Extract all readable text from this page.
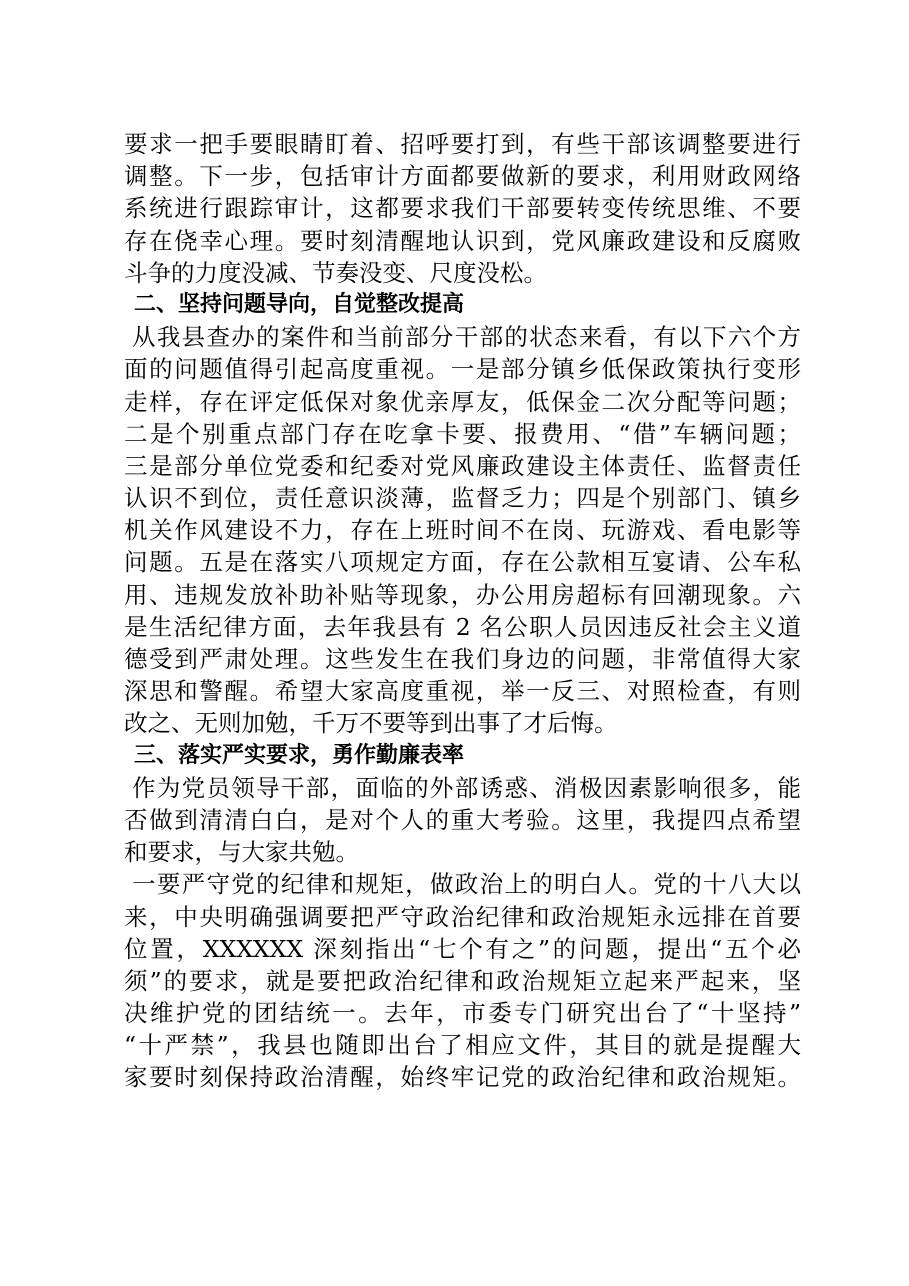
要求一把手要眼睛盯着、招呼要打到，有些干部该调整要进行
调整。下一步，包括审计方面都要做新的要求，利用财政网络
系统进行跟踪审计，这都要求我们干部要转变传统思维、不要
存在侥幸心理。要时刻清醒地认识到，党风廉政建设和反腐败
斗争的力度没减、节奏没变、尺度没松。
二、坚持问题导向，自觉整改提高
从我县查办的案件和当前部分干部的状态来看，有以下六个方
面的问题值得引起高度重视。一是部分镇乡低保政策执行变形
走样，存在评定低保对象优亲厚友，低保金二次分配等问题；
二是个别重点部门存在吃拿卡要、报费用、“借”车辆问题；
三是部分单位党委和纪委对党风廉政建设主体责任、监督责任
认识不到位，责任意识淡薄，监督乏力；四是个别部门、镇乡
机关作风建设不力，存在上班时间不在岗、玩游戏、看电影等
问题。五是在落实八项规定方面，存在公款相互宴请、公车私
用、违规发放补助补贴等现象，办公用房超标有回潮现象。六
是生活纪律方面，去年我县有 2 名公职人员因违反社会主义道
德受到严肃处理。这些发生在我们身边的问题，非常值得大家
深思和警醒。希望大家高度重视，举一反三、对照检查，有则
改之、无则加勉，千万不要等到出事了才后悔。
三、落实严实要求，勇作勤廉表率
作为党员领导干部，面临的外部诱惑、消极因素影响很多，能
否做到清清白白，是对个人的重大考验。这里，我提四点希望
和要求，与大家共勉。
一要严守党的纪律和规矩，做政治上的明白人。党的十八大以
来，中央明确强调要把严守政治纪律和政治规矩永远排在首要
位置，XXXXXX 深刻指出“七个有之”的问题，提出“五个必
须”的要求，就是要把政治纪律和政治规矩立起来严起来，坚
决维护党的团结统一。去年，市委专门研究出台了“十坚持”
“十严禁”，我县也随即出台了相应文件，其目的就是提醒大
家要时刻保持政治清醒，始终牢记党的政治纪律和政治规矩。
